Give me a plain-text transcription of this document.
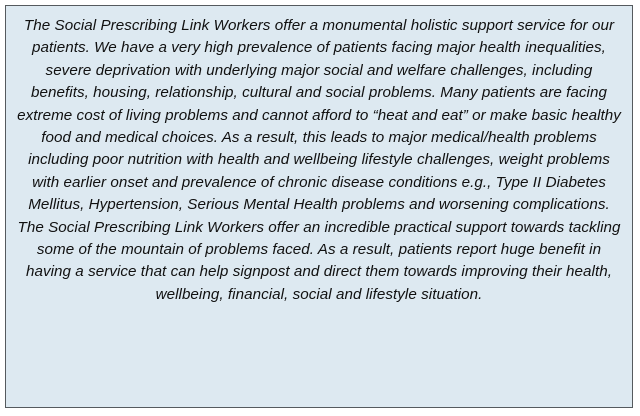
The Social Prescribing Link Workers offer a monumental holistic support service for our patients. We have a very high prevalence of patients facing major health inequalities, severe deprivation with underlying major social and welfare challenges, including benefits, housing, relationship, cultural and social problems. Many patients are facing extreme cost of living problems and cannot afford to “heat and eat” or make basic healthy food and medical choices. As a result, this leads to major medical/health problems including poor nutrition with health and wellbeing lifestyle challenges, weight problems with earlier onset and prevalence of chronic disease conditions e.g., Type II Diabetes Mellitus, Hypertension, Serious Mental Health problems and worsening complications. The Social Prescribing Link Workers offer an incredible practical support towards tackling some of the mountain of problems faced. As a result, patients report huge benefit in having a service that can help signpost and direct them towards improving their health, wellbeing, financial, social and lifestyle situation.
